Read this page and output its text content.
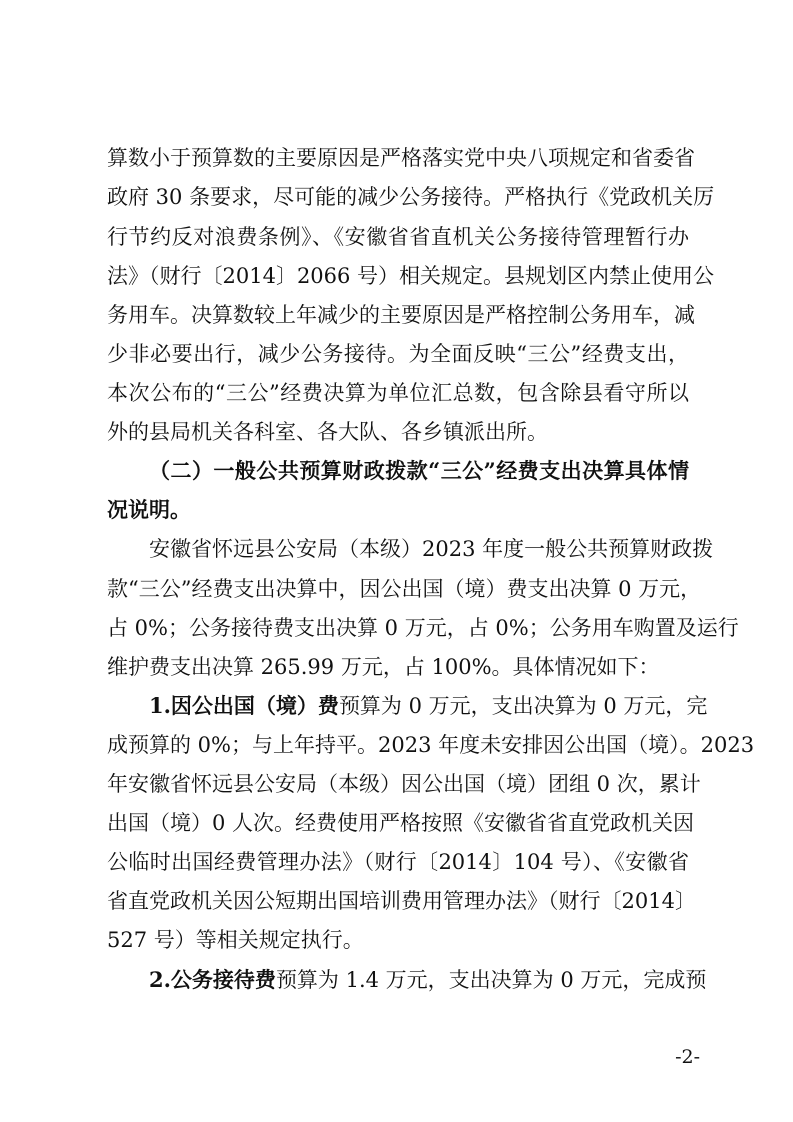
算数小于预算数的主要原因是严格落实党中央八项规定和省委省
政府 30 条要求，尽可能的减少公务接待。严格执行《党政机关厉
行节约反对浪费条例》、《安徽省省直机关公务接待管理暂行办
法》（财行〔2014〕2066 号）相关规定。县规划区内禁止使用公
务用车。决算数较上年减少的主要原因是严格控制公务用车，减
少非必要出行，减少公务接待。为全面反映“三公”经费支出，
本次公布的“三公”经费决算为单位汇总数，包含除县看守所以
外的县局机关各科室、各大队、各乡镇派出所。
（二）一般公共预算财政拨款“三公”经费支出决算具体情
况说明。
安徽省怀远县公安局（本级）2023 年度一般公共预算财政拨
款“三公”经费支出决算中，因公出国（境）费支出决算 0 万元，
占 0%；公务接待费支出决算 0 万元，占 0%；公务用车购置及运行
维护费支出决算 265.99 万元，占 100%。具体情况如下：
1.因公出国（境）费预算为 0 万元，支出决算为 0 万元，完
成预算的 0%；与上年持平。2023 年度未安排因公出国（境）。2023
年安徽省怀远县公安局（本级）因公出国（境）团组 0 次，累计
出国（境）0 人次。经费使用严格按照《安徽省省直党政机关因
公临时出国经费管理办法》（财行〔2014〕104 号）、《安徽省
省直党政机关因公短期出国培训费用管理办法》（财行〔2014〕
527 号）等相关规定执行。
2.公务接待费预算为 1.4 万元，支出决算为 0 万元，完成预
-2-
